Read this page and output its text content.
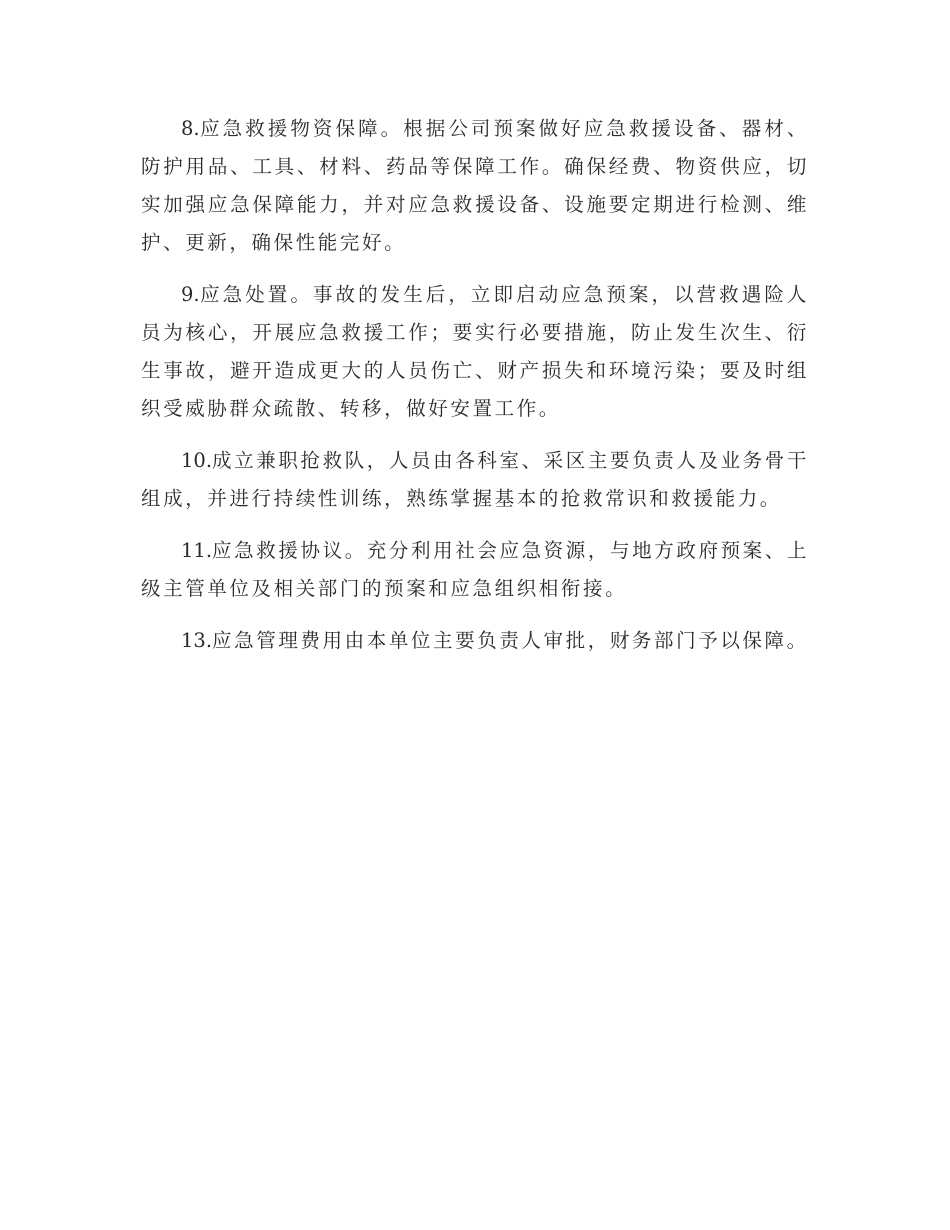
8.应急救援物资保障。根据公司预案做好应急救援设备、器材、防护用品、工具、材料、药品等保障工作。确保经费、物资供应，切实加强应急保障能力，并对应急救援设备、设施要定期进行检测、维护、更新，确保性能完好。

9.应急处置。事故的发生后，立即启动应急预案，以营救遇险人员为核心，开展应急救援工作；要实行必要措施，防止发生次生、衍生事故，避开造成更大的人员伤亡、财产损失和环境污染；要及时组织受威胁群众疏散、转移，做好安置工作。

10.成立兼职抢救队，人员由各科室、采区主要负责人及业务骨干组成，并进行持续性训练，熟练掌握基本的抢救常识和救援能力。

11.应急救援协议。充分利用社会应急资源，与地方政府预案、上级主管单位及相关部门的预案和应急组织相衔接。

13.应急管理费用由本单位主要负责人审批，财务部门予以保障。
